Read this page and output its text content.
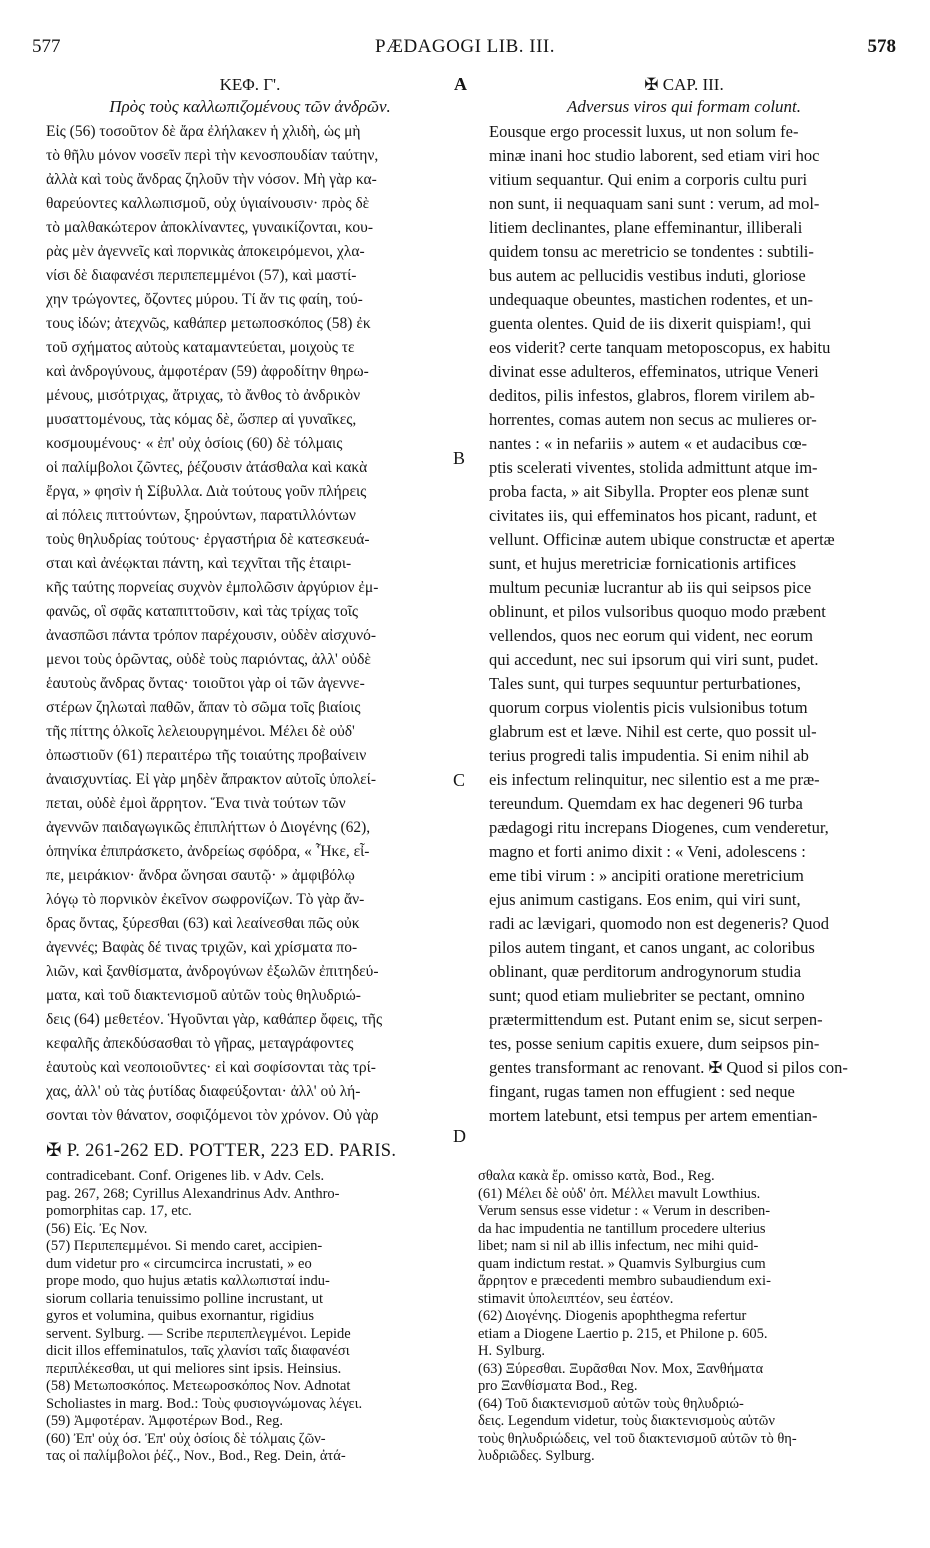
PÆDAGOGI LIB. III.
577	578
A
B
C
D

ΚΕΦ. Γ'.

Πρὸς τοὺς καλλωπιζομένους τῶν ἀνδρῶν.

Εἰς (56) τοσοῦτον δὲ ἄρα ἐλήλακεν ἡ χλιδὴ, ὡς μὴ
τὸ θῆλυ μόνον νοσεῖν περὶ τὴν κενοσπουδίαν ταύτην,
ἀλλὰ καὶ τοὺς ἄνδρας ζηλοῦν τὴν νόσον. Μὴ γὰρ κα-
θαρεύοντες καλλωπισμοῦ, οὐχ ὑγιαίνουσιν· πρὸς δὲ
τὸ μαλθακώτερον ἀποκλίναντες, γυναικίζονται, κου-
ρὰς μὲν ἀγεννεῖς καὶ πορνικὰς ἀποκειρόμενοι, χλα-
νίσι δὲ διαφανέσι περιπεπεμμένοι (57), καὶ μαστί-
χην τρώγοντες, ὄζοντες μύρου. Τί ἄν τις φαίη, τού-
τους ἰδών; ἀτεχνῶς, καθάπερ μετωποσκόπος (58) ἐκ
τοῦ σχήματος αὐτοὺς καταμαντεύεται, μοιχοὺς τε
καὶ ἀνδρογύνους, ἀμφοτέραν (59) ἀφροδίτην θηρω-
μένους, μισότριχας, ἄτριχας, τὸ ἄνθος τὸ ἀνδρικὸν
μυσαττομένους, τὰς κόμας δὲ, ὥσπερ αἱ γυναῖκες,
κοσμουμένους· « ἐπ' οὐχ ὁσίοις (60) δὲ τόλμαις
οἱ παλίμβολοι ζῶντες, ῥέζουσιν ἀτάσθαλα καὶ κακὰ
ἔργα, » φησὶν ἡ Σίβυλλα. Διὰ τούτους γοῦν πλήρεις
αἱ πόλεις πιττούντων, ξηρούντων, παρατιλλόντων
τοὺς θηλυδρίας τούτους· ἐργαστήρια δὲ κατεσκευά-
σται καὶ ἀνέῳκται πάντη, καὶ τεχνῖται τῆς ἑταιρι-
κῆς ταύτης πορνείας συχνὸν ἐμπολῶσιν ἀργύριον ἐμ-
φανῶς, οἳ σφᾶς καταπιττοῦσιν, καὶ τὰς τρίχας τοῖς
ἀνασπῶσι πάντα τρόπον παρέχουσιν, οὐδὲν αἰσχυνό-
μενοι τοὺς ὁρῶντας, οὐδὲ τοὺς παριόντας, ἀλλ' οὐδὲ
ἑαυτοὺς ἄνδρας ὄντας· τοιοῦτοι γὰρ οἱ τῶν ἀγεννε-
στέρων ζηλωταὶ παθῶν, ἅπαν τὸ σῶμα τοῖς βιαίοις
τῆς πίττης ὁλκοῖς λελειουργημένοι. Μέλει δὲ οὐδ'
ὀπωστιοῦν (61) περαιτέρω τῆς τοιαύτης προβαίνειν
ἀναισχυντίας. Εἰ γὰρ μηδὲν ἄπρακτον αὐτοῖς ὑπολεί-
πεται, οὐδὲ ἐμοὶ ἄρρητον. Ἕνα τινὰ τούτων τῶν
ἀγεννῶν παιδαγωγικῶς ἐπιπλήττων ὁ Διογένης (62),
ὁπηνίκα ἐπιπράσκετο, ἀνδρείως σφόδρα, « Ἧκε, εἶ-
πε, μειράκιον· ἄνδρα ὤνησαι σαυτῷ· » ἀμφιβόλῳ
λόγῳ τὸ πορνικὸν ἐκεῖνον σωφρονίζων. Τὸ γὰρ ἄν-
δρας ὄντας, ξύρεσθαι (63) καὶ λεαίνεσθαι πῶς οὐκ
ἀγεννές; Βαφὰς δέ τινας τριχῶν, καὶ χρίσματα πο-
λιῶν, καὶ ξανθίσματα, ἀνδρογύνων ἐξωλῶν ἐπιτηδεύ-
ματα, καὶ τοῦ διακτενισμοῦ αὐτῶν τοὺς θηλυδριώ-
δεις (64) μεθετέον. Ἡγοῦνται γὰρ, καθάπερ ὄφεις, τῆς
κεφαλῆς ἀπεκδύσασθαι τὸ γῆρας, μεταγράφοντες
ἑαυτοὺς καὶ νεοποιοῦντες· εἰ καὶ σοφίσονται τὰς τρί-
χας, ἀλλ' οὐ τὰς ῥυτίδας διαφεύξονται· ἀλλ' οὐ λή-
σονται τὸν θάνατον, σοφιζόμενοι τὸν χρόνον. Οὐ γὰρ

✠ CAP. III.

Adversus viros qui formam colunt.

Eousque ergo processit luxus, ut non solum fe-
minæ inani hoc studio laborent, sed etiam viri hoc
vitium sequantur. Qui enim a corporis cultu puri
non sunt, ii nequaquam sani sunt : verum, ad mol-
litiem declinantes, plane effeminantur, illiberali
quidem tonsu ac meretricio se tondentes : subtili-
bus autem ac pellucidis vestibus induti, gloriose
undequaque obeuntes, mastichen rodentes, et un-
guenta olentes. Quid de iis dixerit quispiam!, qui
eos viderit? certe tanquam metoposcopus, ex habitu
divinat esse adulteros, effeminatos, utrique Veneri
deditos, pilis infestos, glabros, florem virilem ab-
horrentes, comas autem non secus ac mulieres or-
nantes : « in nefariis » autem « et audacibus cœ-
ptis scelerati viventes, stolida admittunt atque im-
proba facta, » ait Sibylla. Propter eos plenæ sunt
civitates iis, qui effeminatos hos picant, radunt, et
vellunt. Officinæ autem ubique constructæ et apertæ
sunt, et hujus meretriciæ fornicationis artifices
multum pecuniæ lucrantur ab iis qui seipsos pice
oblinunt, et pilos vulsoribus quoquo modo præbent
vellendos, quos nec eorum qui vident, nec eorum
qui accedunt, nec sui ipsorum qui viri sunt, pudet.
Tales sunt, qui turpes sequuntur perturbationes,
quorum corpus violentis picis vulsionibus totum
glabrum est et læve. Nihil est certe, quo possit ul-
terius progredi talis impudentia. Si enim nihil ab
eis infectum relinquitur, nec silentio est a me præ-
tereundum. Quemdam ex hac degeneri 96 turba
pædagogi ritu increpans Diogenes, cum venderetur,
magno et forti animo dixit : « Veni, adolescens :
eme tibi virum : » ancipiti oratione meretricium
ejus animum castigans. Eos enim, qui viri sunt,
radi ac lævigari, quomodo non est degeneris? Quod
pilos autem tingant, et canos ungant, ac coloribus
oblinant, quæ perditorum androgynorum studia
sunt; quod etiam muliebriter se pectant, omnino
prætermittendum est. Putant enim se, sicut serpen-
tes, posse senium capitis exuere, dum seipsos pin-
gentes transformant ac renovant. ✠ Quod si pilos con-
fingant, rugas tamen non effugient : sed neque
mortem latebunt, etsi tempus per artem ementian-
✠ P. 261-262 ED. POTTER, 223 ED. PARIS.
contradicebant. Conf. Origenes lib. v Adv. Cels.
pag. 267, 268; Cyrillus Alexandrinus Adv. Anthro-
pomorphitas cap. 17, etc.
(56) Εἰς. Ἐς Nov.
(57) Περιπεπεμμένοι. Si mendo caret, accipien-
dum videtur pro « circumcirca incrustati, » eo
prope modo, quo hujus ætatis καλλωπισταί indu-
siorum collaria tenuissimo polline incrustant, ut
gyros et volumina, quibus exornantur, rigidius
servent. Sylburg. — Scribe περιπεπλεγμένοι. Lepide
dicit illos effeminatulos, ταῖς χλανίσι ταῖς διαφανέσι
περιπλέκεσθαι, ut qui meliores sint ipsis. Heinsius.
(58) Μετωποσκόπος. Μετεωροσκόπος Nov. Adnotat
Scholiastes in marg. Bod.: Τοὺς φυσιογνώμονας λέγει.
(59) Ἀμφοτέραν. Ἀμφοτέρων Bod., Reg.
(60) Ἐπ' οὐχ όσ. Ἐπ' οὐχ ὁσίοις δὲ τόλμαις ζῶν-
τας οἱ παλίμβολοι ῥέζ., Nov., Bod., Reg. Dein, ἀτά-
σθαλα κακὰ ἔρ. omisso κατὰ, Bod., Reg.
(61) Μέλει δὲ οὐδ' ὀπ. Μέλλει mavult Lowthius.
Verum sensus esse videtur : « Verum in describen-
da hac impudentia ne tantillum procedere ulterius
libet; nam si nil ab illis infectum, nec mihi quid-
quam indictum restat. » Quamvis Sylburgius cum
ἄρρητον e præcedenti membro subaudiendum exi-
stimavit ὑπολειπτέον, seu ἐατέον.
(62) Διογένης. Diogenis apophthegma refertur
etiam a Diogene Laertio p. 215, et Philone p. 605.
H. Sylburg.
(63) Ξύρεσθαι. Ξυρᾶσθαι Nov. Mox, Ξανθήματα
pro Ξανθίσματα Bod., Reg.
(64) Τοῦ διακτενισμοῦ αὐτῶν τοὺς θηλυδριώ-
δεις. Legendum videtur, τοὺς διακτενισμοὺς αὐτῶν
τοὺς θηλυδριώδεις, vel τοῦ διακτενισμοῦ αὐτῶν τὸ θη-
λυδριῶδες. Sylburg.
